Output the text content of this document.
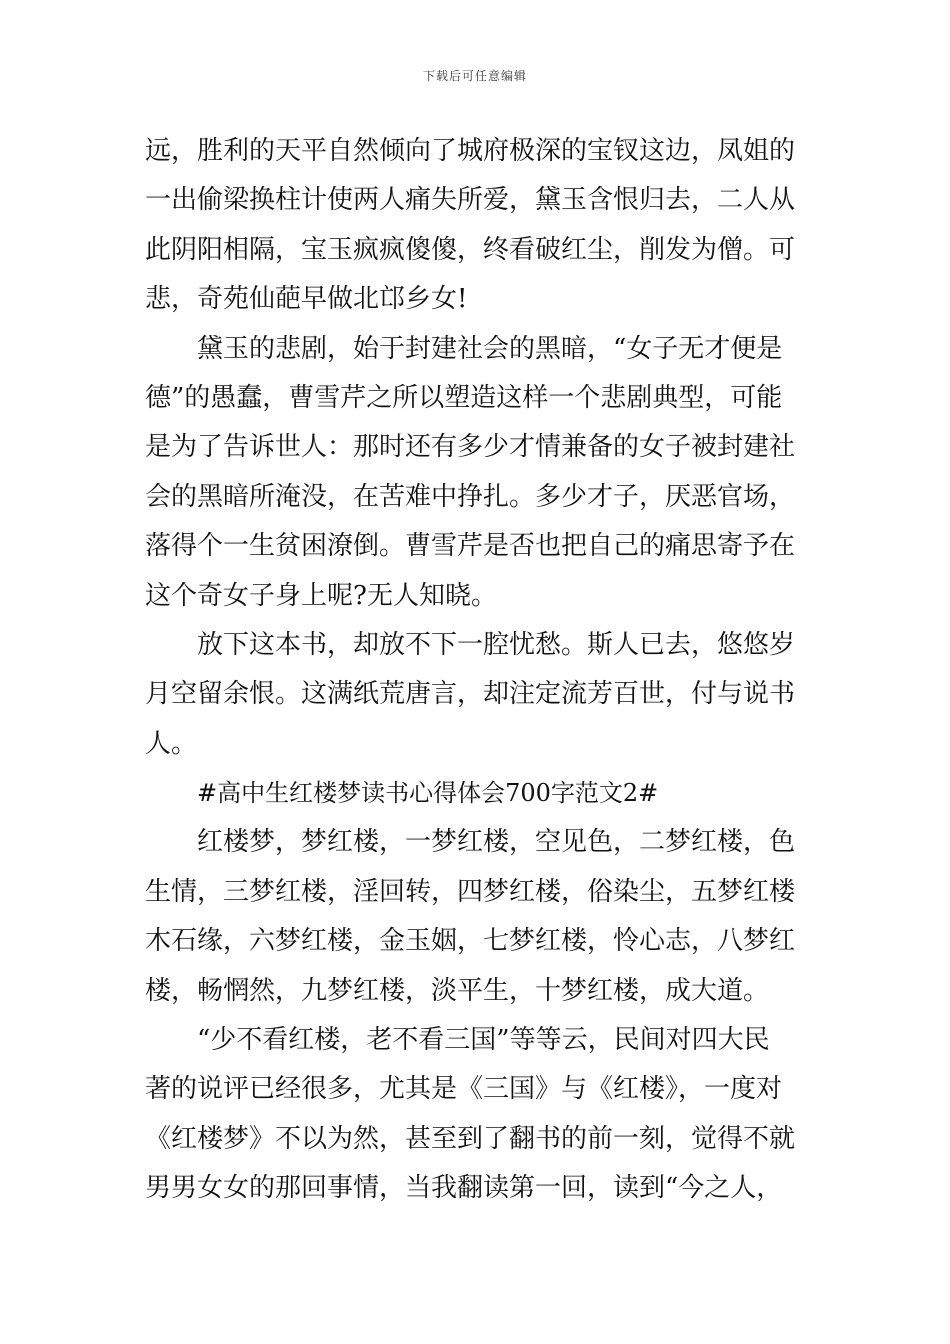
下载后可任意编辑
远，胜利的天平自然倾向了城府极深的宝钗这边，凤姐的
一出偷梁换柱计使两人痛失所爱，黛玉含恨归去，二人从
此阴阳相隔，宝玉疯疯傻傻，终看破红尘，削发为僧。可
悲，奇苑仙葩早做北邙乡女!
黛玉的悲剧，始于封建社会的黑暗，“女子无才便是
德”的愚蠢，曹雪芹之所以塑造这样一个悲剧典型，可能
是为了告诉世人：那时还有多少才情兼备的女子被封建社
会的黑暗所淹没，在苦难中挣扎。多少才子，厌恶官场，
落得个一生贫困潦倒。曹雪芹是否也把自己的痛思寄予在
这个奇女子身上呢?无人知晓。
放下这本书，却放不下一腔忧愁。斯人已去，悠悠岁
月空留余恨。这满纸荒唐言，却注定流芳百世，付与说书
人。
#高中生红楼梦读书心得体会700字范文2#
红楼梦，梦红楼，一梦红楼，空见色，二梦红楼，色
生情，三梦红楼，淫回转，四梦红楼，俗染尘，五梦红楼
木石缘，六梦红楼，金玉姻，七梦红楼，怜心志，八梦红
楼，畅惘然，九梦红楼，淡平生，十梦红楼，成大道。
“少不看红楼，老不看三国”等等云，民间对四大民
著的说评已经很多，尤其是《三国》与《红楼》，一度对
《红楼梦》不以为然，甚至到了翻书的前一刻，觉得不就
男男女女的那回事情，当我翻读第一回，读到“今之人，
